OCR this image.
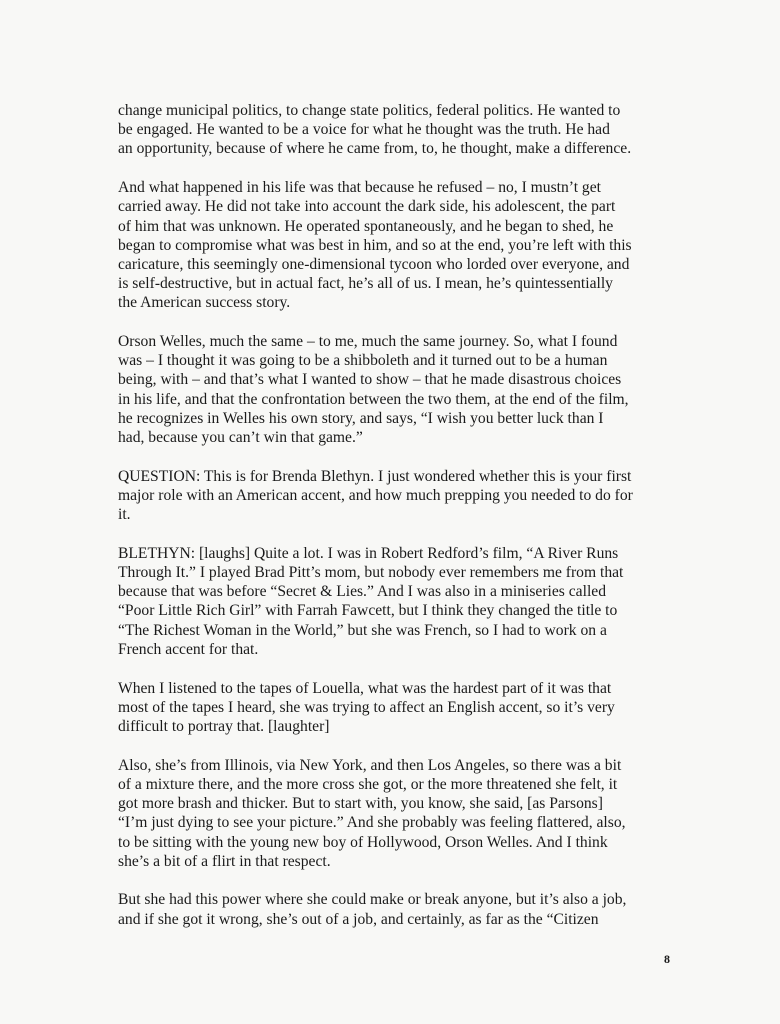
change municipal politics, to change state politics, federal politics. He wanted to
be engaged. He wanted to be a voice for what he thought was the truth. He had
an opportunity, because of where he came from, to, he thought, make a difference.

And what happened in his life was that because he refused – no, I mustn’t get
carried away. He did not take into account the dark side, his adolescent, the part
of him that was unknown. He operated spontaneously, and he began to shed, he
began to compromise what was best in him, and so at the end, you’re left with this
caricature, this seemingly one-dimensional tycoon who lorded over everyone, and
is self-destructive, but in actual fact, he’s all of us. I mean, he’s quintessentially
the American success story.

Orson Welles, much the same – to me, much the same journey. So, what I found
was – I thought it was going to be a shibboleth and it turned out to be a human
being, with – and that’s what I wanted to show – that he made disastrous choices
in his life, and that the confrontation between the two them, at the end of the film,
he recognizes in Welles his own story, and says, “I wish you better luck than I
had, because you can’t win that game.”

QUESTION: This is for Brenda Blethyn. I just wondered whether this is your first
major role with an American accent, and how much prepping you needed to do for
it.

BLETHYN: [laughs] Quite a lot. I was in Robert Redford’s film, “A River Runs
Through It.” I played Brad Pitt’s mom, but nobody ever remembers me from that
because that was before “Secret & Lies.” And I was also in a miniseries called
“Poor Little Rich Girl” with Farrah Fawcett, but I think they changed the title to
“The Richest Woman in the World,” but she was French, so I had to work on a
French accent for that.

When I listened to the tapes of Louella, what was the hardest part of it was that
most of the tapes I heard, she was trying to affect an English accent, so it’s very
difficult to portray that. [laughter]

Also, she’s from Illinois, via New York, and then Los Angeles, so there was a bit
of a mixture there, and the more cross she got, or the more threatened she felt, it
got more brash and thicker. But to start with, you know, she said, [as Parsons]
“I’m just dying to see your picture.” And she probably was feeling flattered, also,
to be sitting with the young new boy of Hollywood, Orson Welles. And I think
she’s a bit of a flirt in that respect.

But she had this power where she could make or break anyone, but it’s also a job,
and if she got it wrong, she’s out of a job, and certainly, as far as the “Citizen

8
